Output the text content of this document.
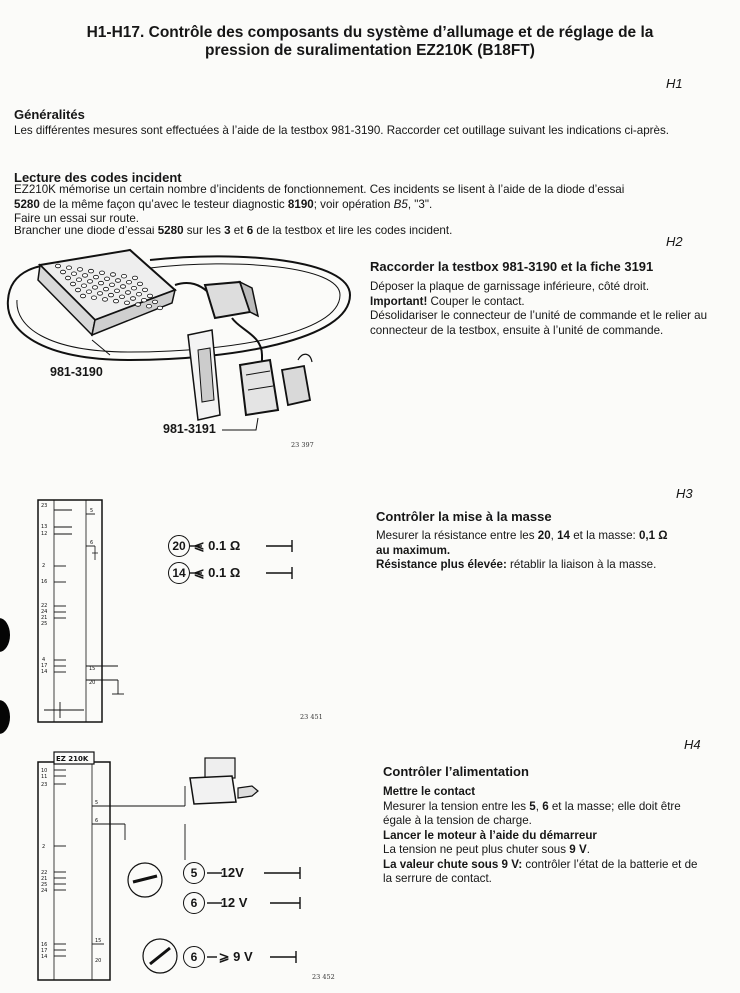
H1-H17. Contrôle des composants du système d’allumage et de réglage de la
pression de suralimentation EZ210K (B18FT)
H1
Généralités
Les différentes mesures sont effectuées à l’aide de la testbox 981-3190. Raccorder cet outillage suivant les indications ci-après.
Lecture des codes incident
EZ210K mémorise un certain nombre d’incidents de fonctionnement. Ces incidents se lisent à l’aide de la diode d’essai
5280 de la même façon qu’avec le testeur diagnostic 8190; voir opération B5, "3".
Faire un essai sur route.
Brancher une diode d’essai 5280 sur les 3 et 6 de la testbox et lire les codes incident.
H2
981-3190
981-3191
23 397
Raccorder la testbox 981-3190 et la fiche 3191
Déposer la plaque de garnissage inférieure, côté droit.
Important! Couper le contact.
Désolidariser le connecteur de l’unité de commande et le relier au connecteur de la testbox, ensuite à l’unité de commande.
H3
23
13
12
2
16
22
24
21
25
4
17
14
5
6
15
20
20 ⩽ 0.1 Ω
14 ⩽ 0.1 Ω
23 451
Contrôler la mise à la masse
Mesurer la résistance entre les 20, 14 et la masse: 0,1 Ω
au maximum.
Résistance plus élevée: rétablir la liaison à la masse.
H4
EZ 210K
10
11
23
2
22
21
25
24
16
17
14
5
6
15
20
5 12V
6 12 V
6 ⩾ 9 V
23 452
Contrôler l’alimentation
Mettre le contact
Mesurer la tension entre les 5, 6 et la masse; elle doit être égale à la tension de charge.
Lancer le moteur à l’aide du démarreur
La tension ne peut plus chuter sous 9 V.
La valeur chute sous 9 V: contrôler l’état de la batterie et de la serrure de contact.
